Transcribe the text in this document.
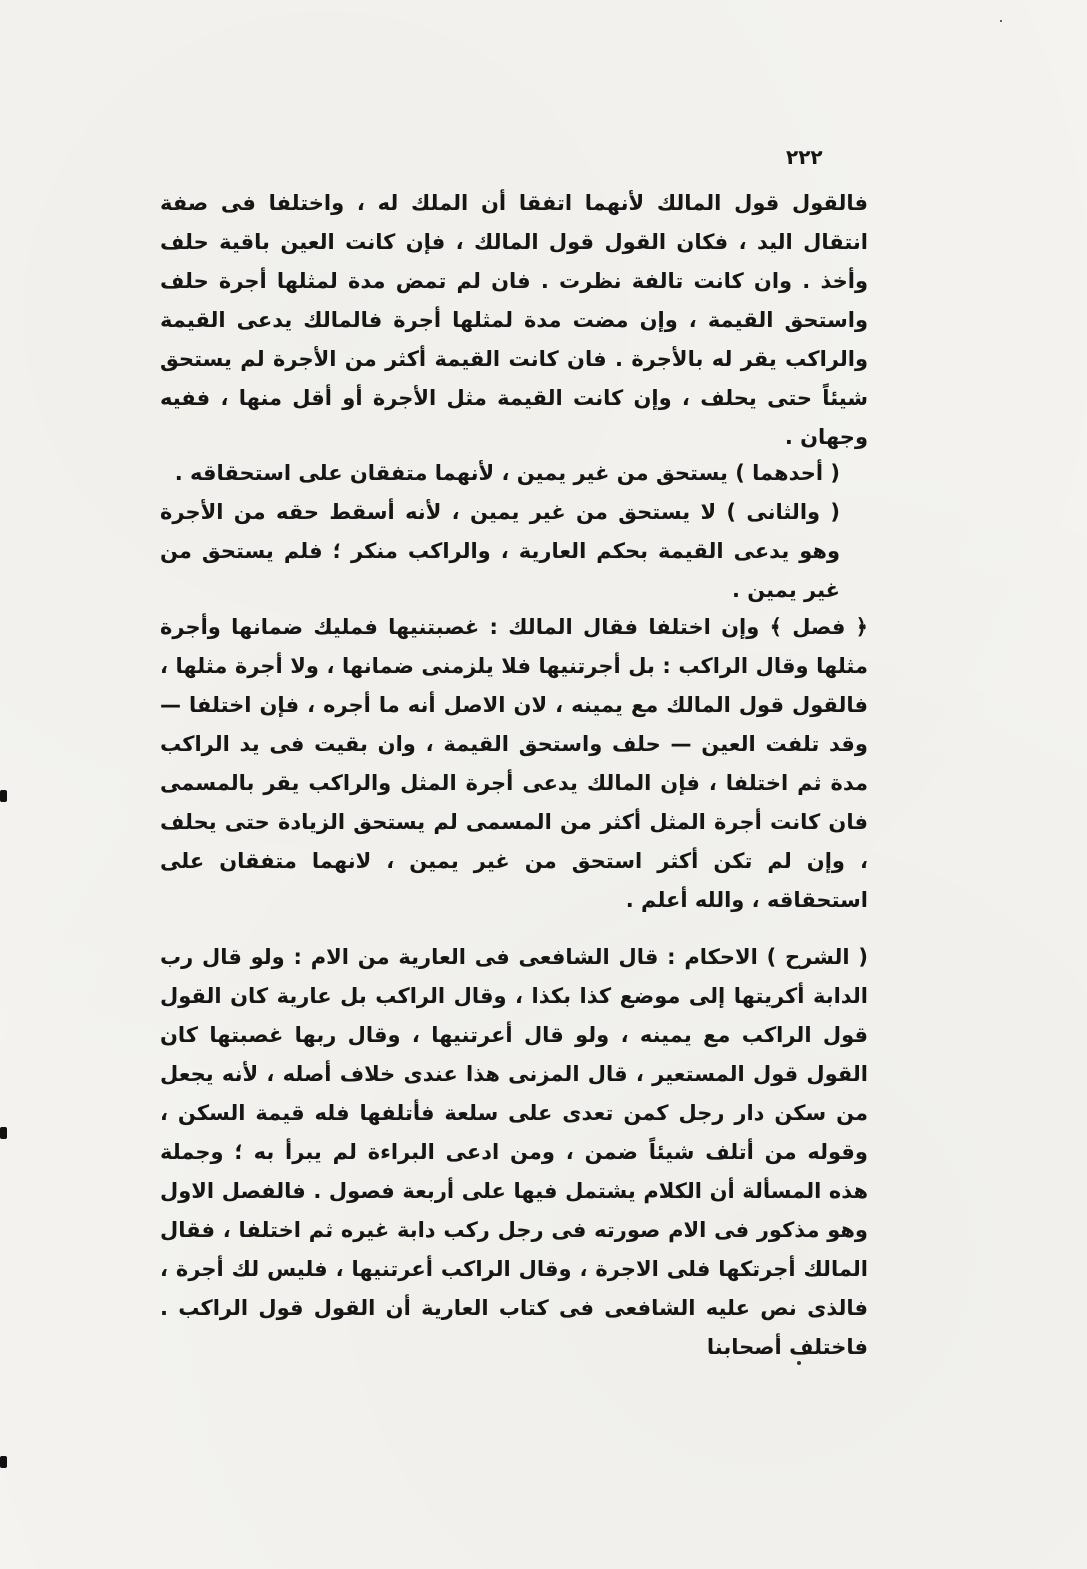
٢٢٢

فالقول قول المالك لأنهما اتفقا أن الملك له ، واختلفا فى صفة انتقال اليد ، فكان القول قول المالك ، فإن كانت العين باقية حلف وأخذ . وان كانت تالفة نظرت . فان لم تمض مدة لمثلها أجرة حلف واستحق القيمة ، وإن مضت مدة لمثلها أجرة فالمالك يدعى القيمة والراكب يقر له بالأجرة . فان كانت القيمة أكثر من الأجرة لم يستحق شيئاً حتى يحلف ، وإن كانت القيمة مثل الأجرة أو أقل منها ، ففيه وجهان .

( أحدهما ) يستحق من غير يمين ، لأنهما متفقان على استحقاقه .

( والثانى ) لا يستحق من غير يمين ، لأنه أسقط حقه من الأجرة وهو يدعى القيمة بحكم العارية ، والراكب منكر ؛ فلم يستحق من غير يمين .

﴿ فصل ﴾ وإن اختلفا فقال المالك : غصبتنيها فمليك ضمانها وأجرة مثلها وقال الراكب : بل أجرتنيها فلا يلزمنى ضمانها ، ولا أجرة مثلها ، فالقول قول المالك مع يمينه ، لان الاصل أنه ما أجره ، فإن اختلفا — وقد تلفت العين — حلف واستحق القيمة ، وان بقيت فى يد الراكب مدة ثم اختلفا ، فإن المالك يدعى أجرة المثل والراكب يقر بالمسمى فان كانت أجرة المثل أكثر من المسمى لم يستحق الزيادة حتى يحلف ، وإن لم تكن أكثر استحق من غير يمين ، لانهما متفقان على استحقاقه ، والله أعلم .

( الشرح ) الاحكام : قال الشافعى فى العارية من الام : ولو قال رب الدابة أكريتها إلى موضع كذا بكذا ، وقال الراكب بل عارية كان القول قول الراكب مع يمينه ، ولو قال أعرتنيها ، وقال ربها غصبتها كان القول قول المستعير ، قال المزنى هذا عندى خلاف أصله ، لأنه يجعل من سكن دار رجل كمن تعدى على سلعة فأتلفها فله قيمة السكن ، وقوله من أتلف شيئاً ضمن ، ومن ادعى البراءة لم يبرأ به ؛ وجملة هذه المسألة أن الكلام يشتمل فيها على أربعة فصول . فالفصل الاول وهو مذكور فى الام صورته فى رجل ركب دابة غيره ثم اختلفا ، فقال المالك أجرتكها فلى الاجرة ، وقال الراكب أعرتنيها ، فليس لك أجرة ، فالذى نص عليه الشافعى فى كتاب العارية أن القول قول الراكب . فاختلف أصحابنا
